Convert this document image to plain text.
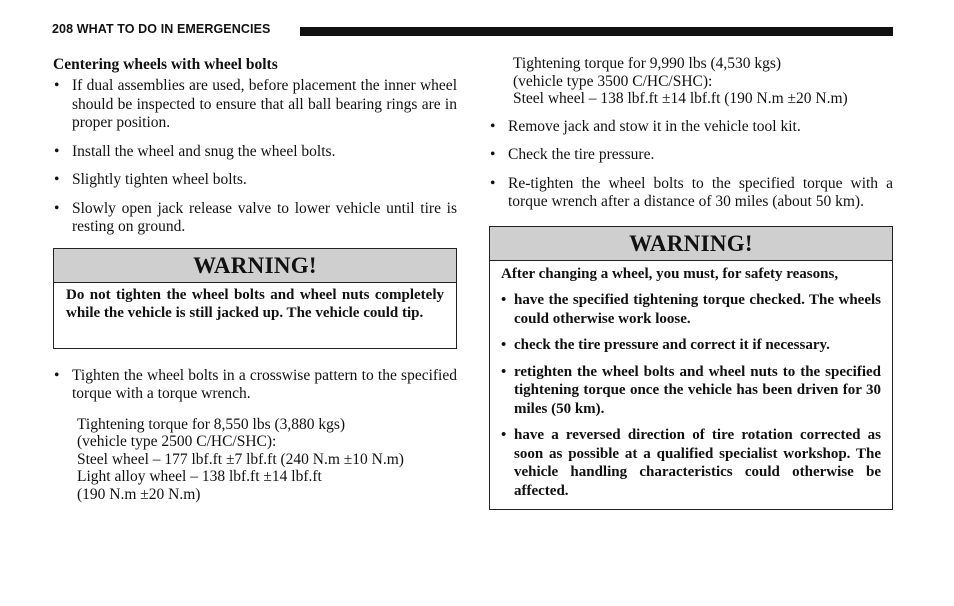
208 WHAT TO DO IN EMERGENCIES
Centering wheels with wheel bolts
• If dual assemblies are used, before placement the inner wheel should be inspected to ensure that all ball bearing rings are in proper position.
• Install the wheel and snug the wheel bolts.
• Slightly tighten wheel bolts.
• Slowly open jack release valve to lower vehicle until tire is resting on ground.
WARNING!
Do not tighten the wheel bolts and wheel nuts completely while the vehicle is still jacked up. The vehicle could tip.
• Tighten the wheel bolts in a crosswise pattern to the specified torque with a torque wrench.
Tightening torque for 8,550 lbs (3,880 kgs)
(vehicle type 2500 C/HC/SHC):
Steel wheel – 177 lbf.ft ±7 lbf.ft (240 N.m ±10 N.m)
Light alloy wheel – 138 lbf.ft ±14 lbf.ft
(190 N.m ±20 N.m)
Tightening torque for 9,990 lbs (4,530 kgs)
(vehicle type 3500 C/HC/SHC):
Steel wheel – 138 lbf.ft ±14 lbf.ft (190 N.m ±20 N.m)
• Remove jack and stow it in the vehicle tool kit.
• Check the tire pressure.
• Re-tighten the wheel bolts to the specified torque with a torque wrench after a distance of 30 miles (about 50 km).
WARNING!
After changing a wheel, you must, for safety reasons,
• have the specified tightening torque checked. The wheels could otherwise work loose.
• check the tire pressure and correct it if necessary.
• retighten the wheel bolts and wheel nuts to the specified tightening torque once the vehicle has been driven for 30 miles (50 km).
• have a reversed direction of tire rotation corrected as soon as possible at a qualified specialist workshop. The vehicle handling characteristics could otherwise be affected.
